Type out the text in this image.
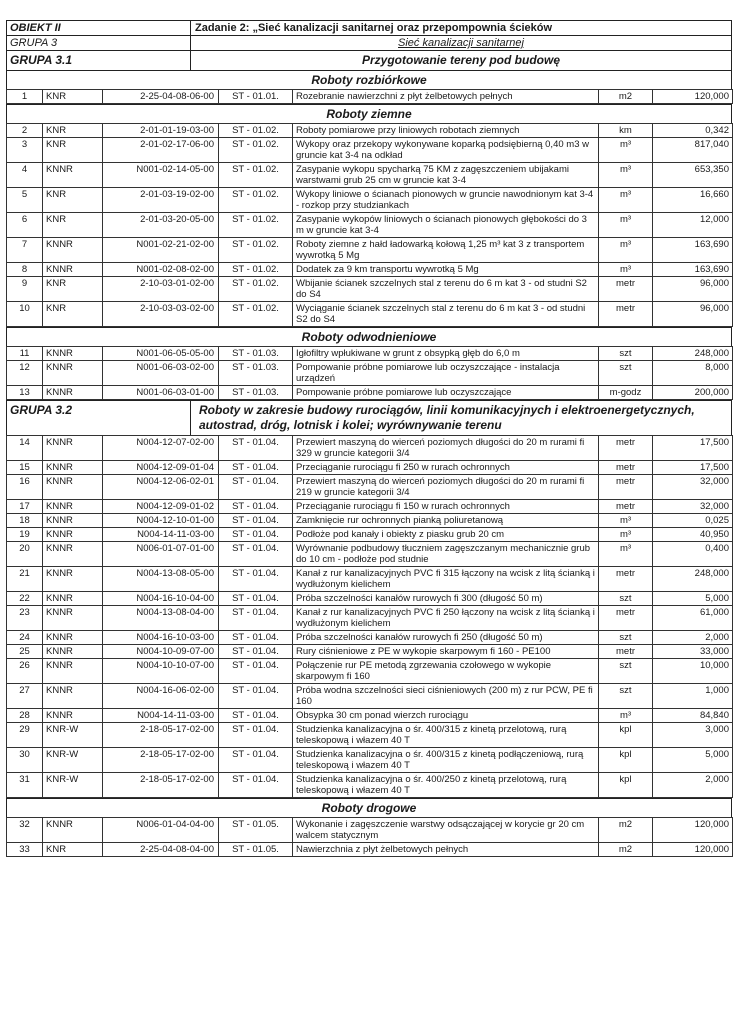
OBIEKT II	Zadanie 2: „Sieć kanalizacji sanitarnej oraz przepompownia ścieków
GRUPA 3	Sieć kanalizacji sanitarnej
GRUPA 3.1	Przygotowanie tereny pod budowę
Roboty rozbiórkowe
1	KNR	2-25-04-08-06-00	ST - 01.01.	Rozebranie nawierzchni z płyt żelbetowych pełnych	m2	120,000
Roboty ziemne
2	KNR	2-01-01-19-03-00	ST - 01.02.	Roboty pomiarowe przy liniowych robotach ziemnych	km	0,342
3	KNR	2-01-02-17-06-00	ST - 01.02.	Wykopy oraz przekopy wykonywane koparką podsiębierną 0,40 m3 w gruncie kat 3-4 na odkład	m³	817,040
4	KNNR	N001-02-14-05-00	ST - 01.02.	Zasypanie wykopu spycharką 75 KM z zagęszczeniem ubijakami warstwami grub 25 cm w gruncie kat 3-4	m³	653,350
5	KNR	2-01-03-19-02-00	ST - 01.02.	Wykopy liniowe o ścianach pionowych w gruncie nawodnionym kat 3-4 - rozkop przy studziankach	m³	16,660
6	KNR	2-01-03-20-05-00	ST - 01.02.	Zasypanie wykopów liniowych o ścianach pionowych głębokości do 3 m w gruncie kat 3-4	m³	12,000
7	KNNR	N001-02-21-02-00	ST - 01.02.	Roboty ziemne z hałd ładowarką kołową 1,25 m³ kat 3 z transportem wywrotką 5 Mg	m³	163,690
8	KNNR	N001-02-08-02-00	ST - 01.02.	Dodatek za 9 km transportu wywrotką 5 Mg	m³	163,690
9	KNR	2-10-03-01-02-00	ST - 01.02.	Wbijanie ścianek szczelnych stal z terenu do 6 m kat 3 - od studni S2 do S4	metr	96,000
10	KNR	2-10-03-03-02-00	ST - 01.02.	Wyciąganie ścianek szczelnych stal z terenu do 6 m kat 3 - od studni S2 do S4	metr	96,000
Roboty odwodnieniowe
11	KNNR	N001-06-05-05-00	ST - 01.03.	Igłofiltry wpłukiwane w grunt z obsypką głęb do 6,0 m	szt	248,000
12	KNNR	N001-06-03-02-00	ST - 01.03.	Pompowanie próbne pomiarowe lub oczyszczające - instalacja urządzeń	szt	8,000
13	KNNR	N001-06-03-01-00	ST - 01.03.	Pompowanie próbne pomiarowe lub oczyszczające	m-godz	200,000
GRUPA 3.2	Roboty w zakresie budowy rurociągów, linii komunikacyjnych i elektroenergetycznych, autostrad, dróg, lotnisk i kolei; wyrównywanie terenu
14	KNNR	N004-12-07-02-00	ST - 01.04.	Przewiert maszyną do wierceń poziomych długości do 20 m rurami fi 329 w gruncie kategorii 3/4	metr	17,500
15	KNNR	N004-12-09-01-04	ST - 01.04.	Przeciąganie rurociągu fi 250 w rurach ochronnych	metr	17,500
16	KNNR	N004-12-06-02-01	ST - 01.04.	Przewiert maszyną do wierceń poziomych długości do 20 m rurami fi 219 w gruncie kategorii 3/4	metr	32,000
17	KNNR	N004-12-09-01-02	ST - 01.04.	Przeciąganie rurociągu fi 150 w rurach ochronnych	metr	32,000
18	KNNR	N004-12-10-01-00	ST - 01.04.	Zamknięcie rur ochronnych pianką poliuretanową	m³	0,025
19	KNNR	N004-14-11-03-00	ST - 01.04.	Podłoże pod kanały i obiekty z piasku grub 20 cm	m³	40,950
20	KNNR	N006-01-07-01-00	ST - 01.04.	Wyrównanie podbudowy tłuczniem zagęszczanym mechanicznie grub do 10 cm - podłoże pod studnie	m³	0,400
21	KNNR	N004-13-08-05-00	ST - 01.04.	Kanał z rur kanalizacyjnych PVC fi 315 łączony na wcisk z litą ścianką i wydłużonym kielichem	metr	248,000
22	KNNR	N004-16-10-04-00	ST - 01.04.	Próba szczelności kanałów rurowych fi 300 (długość 50 m)	szt	5,000
23	KNNR	N004-13-08-04-00	ST - 01.04.	Kanał z rur kanalizacyjnych PVC fi 250 łączony na wcisk z litą ścianką i wydłużonym kielichem	metr	61,000
24	KNNR	N004-16-10-03-00	ST - 01.04.	Próba szczelności kanałów rurowych fi 250 (długość 50 m)	szt	2,000
25	KNNR	N004-10-09-07-00	ST - 01.04.	Rury ciśnieniowe z PE w wykopie skarpowym fi 160 - PE100	metr	33,000
26	KNNR	N004-10-10-07-00	ST - 01.04.	Połączenie rur PE metodą zgrzewania czołowego w wykopie skarpowym fi 160	szt	10,000
27	KNNR	N004-16-06-02-00	ST - 01.04.	Próba wodna szczelności sieci ciśnieniowych (200 m) z rur PCW, PE fi 160	szt	1,000
28	KNNR	N004-14-11-03-00	ST - 01.04.	Obsypka 30 cm ponad wierzch rurociągu	m³	84,840
29	KNR-W	2-18-05-17-02-00	ST - 01.04.	Studzienka kanalizacyjna o śr. 400/315 z kinetą przelotową, rurą teleskopową i włazem 40 T	kpl	3,000
30	KNR-W	2-18-05-17-02-00	ST - 01.04.	Studzienka kanalizacyjna o śr. 400/315 z kinetą podłączeniową, rurą teleskopową i włazem 40 T	kpl	5,000
31	KNR-W	2-18-05-17-02-00	ST - 01.04.	Studzienka kanalizacyjna o śr. 400/250 z kinetą przelotową, rurą teleskopową i włazem 40 T	kpl	2,000
Roboty drogowe
32	KNNR	N006-01-04-04-00	ST - 01.05.	Wykonanie i zagęszczenie warstwy odsączającej w korycie gr 20 cm walcem statycznym	m2	120,000
33	KNR	2-25-04-08-04-00	ST - 01.05.	Nawierzchnia z płyt żelbetowych pełnych	m2	120,000
